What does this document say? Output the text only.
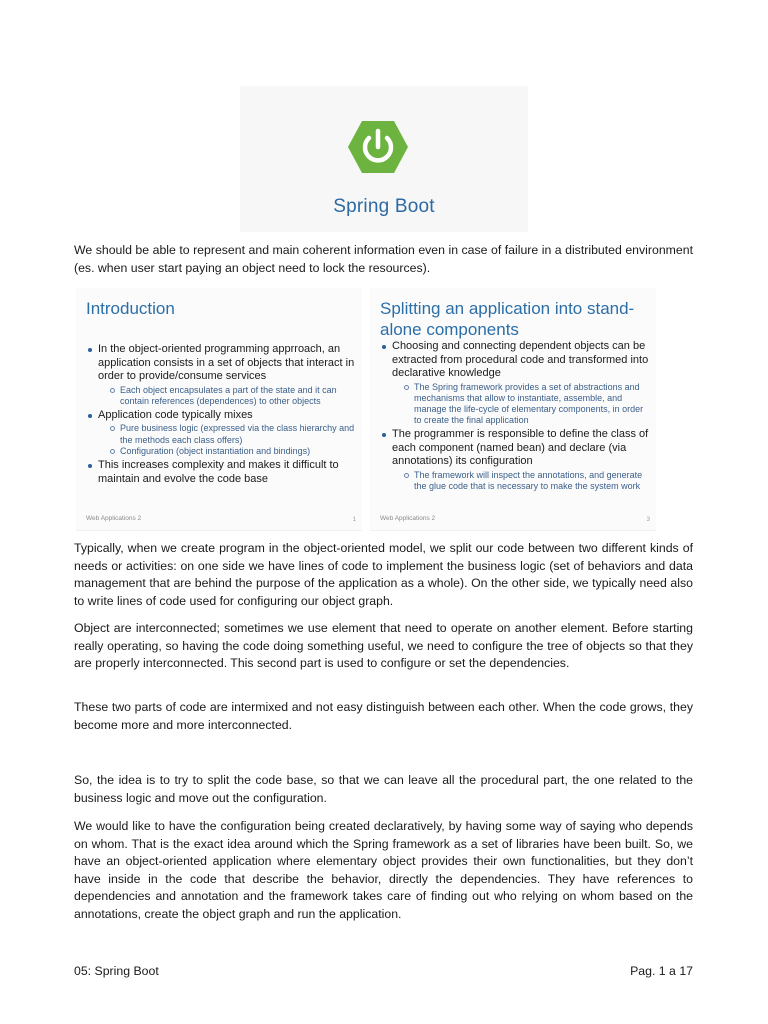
Spring Boot

We should be able to represent and main coherent information even in case of failure in a distributed environment (es. when user start paying an object need to lock the resources).

Introduction
In the object-oriented programming apprroach, an application consists in a set of objects that interact in order to provide/consume services
Each object encapsulates a part of the state and it can contain references (dependences) to other objects
Application code typically mixes
Pure business logic (expressed via the class hierarchy and the methods each class offers)
Configuration (object instantiation and bindings)
This increases complexity and makes it difficult to maintain and evolve the code base
Web Applications 2	1
Splitting an application into stand-alone components
Choosing and connecting dependent objects can be extracted from procedural code and transformed into declarative knowledge
The Spring framework provides a set of abstractions and mechanisms that allow to instantiate, assemble, and manage the life-cycle of elementary components, in order to create the final application
The programmer is responsible to define the class of each component (named bean) and declare (via annotations) its configuration
The framework will inspect the annotations, and generate the glue code that is necessary to make the system work
Web Applications 2	3

Typically, when we create program in the object-oriented model, we split our code between two different kinds of needs or activities: on one side we have lines of code to implement the business logic (set of behaviors and data management that are behind the purpose of the application as a whole). On the other side, we typically need also to write lines of code used for configuring our object graph.

Object are interconnected; sometimes we use element that need to operate on another element. Before starting really operating, so having the code doing something useful, we need to configure the tree of objects so that they are properly interconnected. This second part is used to configure or set the dependencies.

These two parts of code are intermixed and not easy distinguish between each other. When the code grows, they become more and more interconnected.

So, the idea is to try to split the code base, so that we can leave all the procedural part, the one related to the business logic and move out the configuration.

We would like to have the configuration being created declaratively, by having some way of saying who depends on whom. That is the exact idea around which the Spring framework as a set of libraries have been built. So, we have an object-oriented application where elementary object provides their own functionalities, but they don’t have inside in the code that describe the behavior, directly the dependencies. They have references to dependencies and annotation and the framework takes care of finding out who relying on whom based on the annotations, create the object graph and run the application.

05: Spring Boot	Pag. 1 a 17
